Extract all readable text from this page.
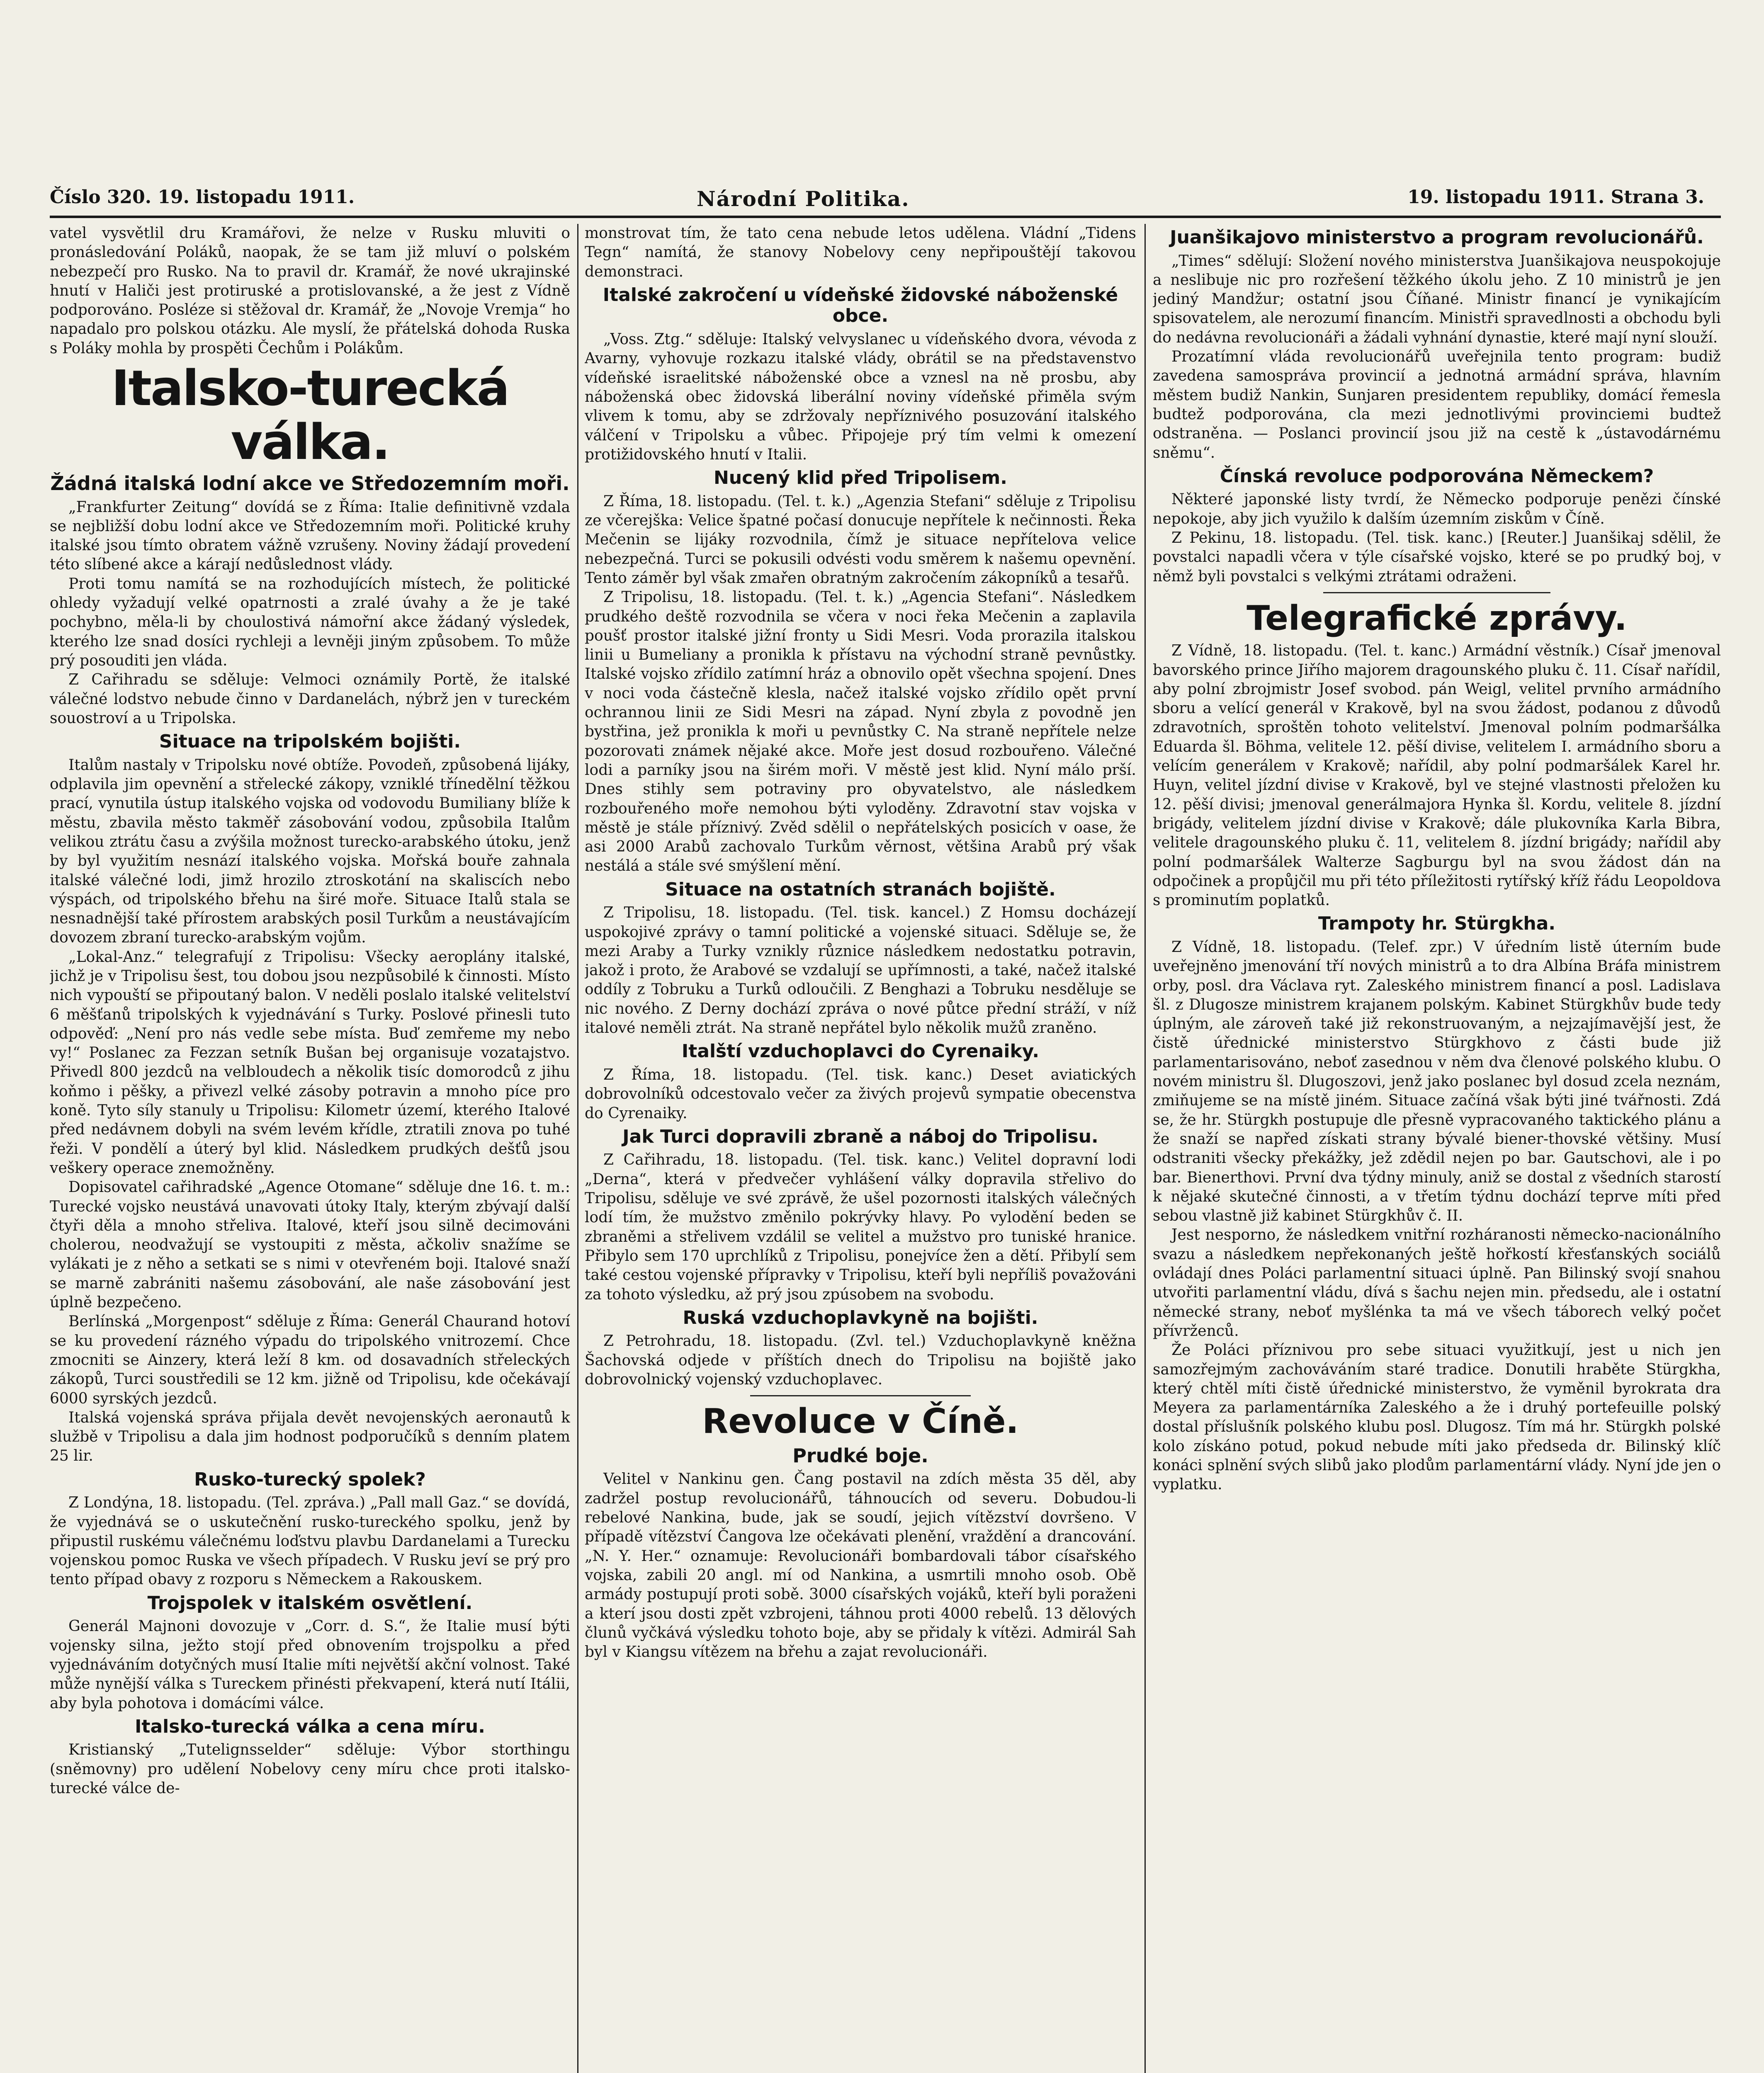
Číslo 320. 19. listopadu 1911.	Národní Politika.	19. listopadu 1911. Strana 3.

vatel vysvětlil dru Kramářovi, že nelze v Rusku mluviti o pronásledování Poláků, naopak, že se tam již mluví o polském nebezpečí pro Rusko. Na to pravil dr. Kramář, že nové ukrajinské hnutí v Haliči jest protiruské a protislovanské, a že jest z Vídně podporováno. Posléze si stěžoval dr. Kramář, že „Novoje Vremja“ ho napadalo pro polskou otázku. Ale myslí, že přátelská dohoda Ruska s Poláky mohla by prospěti Čechům i Polákům.

Italsko-turecká válka.
Žádná italská lodní akce ve Středozemním moři.

„Frankfurter Zeitung“ dovídá se z Říma: Italie definitivně vzdala se nejbližší dobu lodní akce ve Středozemním moři. Politické kruhy italské jsou tímto obratem vážně vzrušeny. Noviny žádají provedení této slíbené akce a kárají nedůslednost vlády.

Proti tomu namítá se na rozhodujících místech, že politické ohledy vyžadují velké opatrnosti a zralé úvahy a že je také pochybno, měla-li by choulostivá námořní akce žádaný výsledek, kterého lze snad dosíci rychleji a levněji jiným způsobem. To může prý posouditi jen vláda.

Z Cařihradu se sděluje: Velmoci oznámily Portě, že italské válečné lodstvo nebude činno v Dardanelách, nýbrž jen v tureckém souostroví a u Tripolska.

Situace na tripolském bojišti.

Italům nastaly v Tripolsku nové obtíže. Povodeň, způsobená lijáky, odplavila jim opevnění a střelecké zákopy, vzniklé třínedělní těžkou prací, vynutila ústup italského vojska od vodovodu Bumiliany blíže k městu, zbavila město takměř zásobování vodou, způsobila Italům velikou ztrátu času a zvýšila možnost turecko-arabského útoku, jenž by byl využitím nesnází italského vojska. Mořská bouře zahnala italské válečné lodi, jimž hrozilo ztroskotání na skaliscích nebo výspách, od tripolského břehu na širé moře. Situace Italů stala se nesnadnější také přírostem arabských posil Turkům a neustávajícím dovozem zbraní turecko-arabským vojům.

„Lokal-Anz.“ telegrafují z Tripolisu: Všecky aeroplány italské, jichž je v Tripolisu šest, tou dobou jsou nezpůsobilé k činnosti. Místo nich vypouští se připoutaný balon. V neděli poslalo italské velitelství 6 měšťanů tripolských k vyjednávání s Turky. Poslové přinesli tuto odpověď: „Není pro nás vedle sebe místa. Buď zemřeme my nebo vy!“ Poslanec za Fezzan setník Bušan bej organisuje vozatajstvo. Přivedl 800 jezdců na velbloudech a několik tisíc domorodců z jihu koňmo i pěšky, a přivezl velké zásoby potravin a mnoho píce pro koně. Tyto síly stanuly u Tripolisu: Kilometr území, kterého Italové před nedávnem dobyli na svém levém křídle, ztratili znova po tuhé řeži. V pondělí a úterý byl klid. Následkem prudkých dešťů jsou veškery operace znemožněny.

Dopisovatel cařihradské „Agence Otomane“ sděluje dne 16. t. m.: Turecké vojsko neustává unavovati útoky Italy, kterým zbývají další čtyři děla a mnoho střeliva. Italové, kteří jsou silně decimováni cholerou, neodvažují se vystoupiti z města, ačkoliv snažíme se vylákati je z něho a setkati se s nimi v otevřeném boji. Italové snaží se marně zabrániti našemu zásobování, ale naše zásobování jest úplně bezpečeno.

Berlínská „Morgenpost“ sděluje z Říma: Generál Chaurand hotoví se ku provedení rázného výpadu do tripolského vnitrozemí. Chce zmocniti se Ainzery, která leží 8 km. od dosavadních střeleckých zákopů, Turci soustředili se 12 km. jižně od Tripolisu, kde očekávají 6000 syrských jezdců.

Italská vojenská správa přijala devět nevojenských aeronautů k službě v Tripolisu a dala jim hodnost podporučíků s denním platem 25 lir.

Rusko-turecký spolek?

Z Londýna, 18. listopadu. (Tel. zpráva.) „Pall mall Gaz.“ se dovídá, že vyjednává se o uskutečnění rusko-tureckého spolku, jenž by připustil ruskému válečnému loďstvu plavbu Dardanelami a Turecku vojenskou pomoc Ruska ve všech případech. V Rusku jeví se prý pro tento případ obavy z rozporu s Německem a Rakouskem.

Trojspolek v italském osvětlení.

Generál Majnoni dovozuje v „Corr. d. S.“, že Italie musí býti vojensky silna, ježto stojí před obnovením trojspolku a před vyjednáváním dotyčných musí Italie míti největší akční volnost. Také může nynější válka s Tureckem přinésti překvapení, která nutí Itálii, aby byla pohotova i domácími válce.

Italsko-turecká válka a cena míru.

Kristianský „Tutelignsselder“ sděluje: Výbor storthingu (sněmovny) pro udělení Nobelovy ceny míru chce proti italsko-turecké válce de-

monstrovat tím, že tato cena nebude letos udělena. Vládní „Tidens Tegn“ namítá, že stanovy Nobelovy ceny nepřipouštějí takovou demonstraci.

Italské zakročení u vídeňské židovské náboženské obce.

„Voss. Ztg.“ sděluje: Italský velvyslanec u vídeňského dvora, vévoda z Avarny, vyhovuje rozkazu italské vlády, obrátil se na představenstvo vídeňské israelitské náboženské obce a vznesl na ně prosbu, aby náboženská obec židovská liberální noviny vídeňské přiměla svým vlivem k tomu, aby se zdržovaly nepříznivého posuzování italského válčení v Tripolsku a vůbec. Připojeje prý tím velmi k omezení protižidovského hnutí v Italii.

Nucený klid před Tripolisem.

Z Říma, 18. listopadu. (Tel. t. k.) „Agenzia Stefani“ sděluje z Tripolisu ze včerejška: Velice špatné počasí donucuje nepřítele k nečinnosti. Řeka Mečenin se lijáky rozvodnila, čímž je situace nepřítelova velice nebezpečná. Turci se pokusili odvésti vodu směrem k našemu opevnění. Tento záměr byl však zmařen obratným zakročením zákopníků a tesařů.

Z Tripolisu, 18. listopadu. (Tel. t. k.) „Agencia Stefani“. Následkem prudkého deště rozvodnila se včera v noci řeka Mečenin a zaplavila poušť prostor italské jižní fronty u Sidi Mesri. Voda prorazila italskou linii u Bumeliany a pronikla k přístavu na východní straně pevnůstky. Italské vojsko zřídilo zatímní hráz a obnovilo opět všechna spojení. Dnes v noci voda částečně klesla, načež italské vojsko zřídilo opět první ochrannou linii ze Sidi Mesri na západ. Nyní zbyla z povodně jen bystřina, jež pronikla k moři u pevnůstky C. Na straně nepřítele nelze pozorovati známek nějaké akce. Moře jest dosud rozbouřeno. Válečné lodi a parníky jsou na širém moři. V městě jest klid. Nyní málo prší. Dnes stihly sem potraviny pro obyvatelstvo, ale následkem rozbouřeného moře nemohou býti vyloděny. Zdravotní stav vojska v městě je stále příznivý. Zvěd sdělil o nepřátelských posicích v oase, že asi 2000 Arabů zachovalo Turkům věrnost, většina Arabů prý však nestálá a stále své smýšlení mění.

Situace na ostatních stranách bojiště.

Z Tripolisu, 18. listopadu. (Tel. tisk. kancel.) Z Homsu docházejí uspokojivé zprávy o tamní politické a vojenské situaci. Sděluje se, že mezi Araby a Turky vznikly různice následkem nedostatku potravin, jakož i proto, že Arabové se vzdalují se upřímnosti, a také, načež italské oddíly z Tobruku a Turků odloučili. Z Benghazi a Tobruku nesděluje se nic nového. Z Derny dochází zpráva o nové půtce přední stráží, v níž italové neměli ztrát. Na straně nepřátel bylo několik mužů zraněno.

Italští vzduchoplavci do Cyrenaiky.

Z Říma, 18. listopadu. (Tel. tisk. kanc.) Deset aviatických dobrovolníků odcestovalo večer za živých projevů sympatie obecenstva do Cyrenaiky.

Jak Turci dopravili zbraně a náboj do Tripolisu.

Z Cařihradu, 18. listopadu. (Tel. tisk. kanc.) Velitel dopravní lodi „Derna“, která v předvečer vyhlášení války dopravila střelivo do Tripolisu, sděluje ve své zprávě, že ušel pozornosti italských válečných lodí tím, že mužstvo změnilo pokrývky hlavy. Po vylodění beden se zbraněmi a střelivem vzdálil se velitel a mužstvo pro tuniské hranice. Přibylo sem 170 uprchlíků z Tripolisu, ponejvíce žen a dětí. Přibylí sem také cestou vojenské přípravky v Tripolisu, kteří byli nepříliš považováni za tohoto výsledku, až prý jsou zpúsobem na svobodu.

Ruská vzduchoplavkyně na bojišti.

Z Petrohradu, 18. listopadu. (Zvl. tel.) Vzduchoplavkyně kněžna Šachovská odjede v příštích dnech do Tripolisu na bojiště jako dobrovolnický vojenský vzduchoplavec.

Revoluce v Číně.
Prudké boje.

Velitel v Nankinu gen. Čang postavil na zdích města 35 děl, aby zadržel postup revolucionářů, táhnoucích od severu. Dobudou-li rebelové Nankina, bude, jak se soudí, jejich vítězství dovršeno. V případě vítězství Čangova lze očekávati plenění, vraždění a drancování. „N. Y. Her.“ oznamuje: Revolucionáři bombardovali tábor císařského vojska, zabili 20 angl. mí od Nankina, a usmrtili mnoho osob. Obě armády postupují proti sobě. 3000 císařských vojáků, kteří byli poraženi a kterí jsou dosti zpět vzbrojeni, táhnou proti 4000 rebelů. 13 dělových člunů vyčkává výsledku tohoto boje, aby se přidaly k vítězi. Admirál Sah byl v Kiangsu vítězem na břehu a zajat revolucionáři.

Juanšikajovo ministerstvo a program revolucionářů.

„Times“ sdělují: Složení nového ministerstva Juanšikajova neuspokojuje a neslibuje nic pro rozřešení těžkého úkolu jeho. Z 10 ministrů je jen jediný Mandžur; ostatní jsou Číňané. Ministr financí je vynikajícím spisovatelem, ale nerozumí financím. Ministři spravedlnosti a obchodu byli do nedávna revolucionáři a žádali vyhnání dynastie, které mají nyní slouží.

Prozatímní vláda revolucionářů uveřejnila tento program: budiž zavedena samospráva provincií a jednotná armádní správa, hlavním městem budiž Nankin, Sunjaren presidentem republiky, domácí řemesla budtež podporována, cla mezi jednotlivými provinciemi budtež odstraněna. — Poslanci provincií jsou již na cestě k „ústavodárnému sněmu“.

Čínská revoluce podporována Německem?

Některé japonské listy tvrdí, že Německo podporuje penězi čínské nepokoje, aby jich využilo k dalším územním ziskům v Číně.

Z Pekinu, 18. listopadu. (Tel. tisk. kanc.) [Reuter.] Juanšikaj sdělil, že povstalci napadli včera v týle císařské vojsko, které se po prudký boj, v němž byli povstalci s velkými ztrátami odraženi.

Telegrafické zprávy.

Z Vídně, 18. listopadu. (Tel. t. kanc.) Armádní věstník.) Císař jmenoval bavorského prince Jiřího majorem dragounského pluku č. 11. Císař nařídil, aby polní zbrojmistr Josef svobod. pán Weigl, velitel prvního armádního sboru a velící generál v Krakově, byl na svou žádost, podanou z důvodů zdravotních, sproštěn tohoto velitelství. Jmenoval polním podmaršálka Eduarda šl. Böhma, velitele 12. pěší divise, velitelem I. armádního sboru a velícím generálem v Krakově; nařídil, aby polní podmaršálek Karel hr. Huyn, velitel jízdní divise v Krakově, byl ve stejné vlastnosti přeložen ku 12. pěší divisi; jmenoval generálmajora Hynka šl. Kordu, velitele 8. jízdní brigády, velitelem jízdní divise v Krakově; dále plukovníka Karla Bibra, velitele dragounského pluku č. 11, velitelem 8. jízdní brigády; nařídil aby polní podmaršálek Walterze Sagburgu byl na svou žádost dán na odpočinek a propůjčil mu při této příležitosti rytířský kříž řádu Leopoldova s prominutím poplatků.

Trampoty hr. Stürgkha.

Z Vídně, 18. listopadu. (Telef. zpr.) V úředním listě úterním bude uveřejněno jmenování tří nových ministrů a to dra Albína Bráfa ministrem orby, posl. dra Václava ryt. Zaleského ministrem financí a posl. Ladislava šl. z Dlugosze ministrem krajanem polským. Kabinet Stürgkhův bude tedy úplným, ale zároveň také již rekonstruovaným, a nejzajímavější jest, že čistě úřednické ministerstvo Stürgkhovo z části bude již parlamentarisováno, neboť zasednou v něm dva členové polského klubu. O novém ministru šl. Dlugoszovi, jenž jako poslanec byl dosud zcela neznám, zmiňujeme se na místě jiném. Situace začíná však býti jiné tvářnosti. Zdá se, že hr. Stürgkh postupuje dle přesně vypracovaného taktického plánu a že snaží se napřed získati strany bývalé biener-thovské většiny. Musí odstraniti všecky překážky, jež zdědil nejen po bar. Gautschovi, ale i po bar. Bienerthovi. První dva týdny minuly, aniž se dostal z všedních starostí k nějaké skutečné činnosti, a v třetím týdnu dochází teprve míti před sebou vlastně již kabinet Stürgkhův č. II.

Jest nesporno, že následkem vnitřní rozháranosti německo-nacionálního svazu a následkem nepřekonaných ještě hořkostí křesťanských sociálů ovládají dnes Poláci parlamentní situaci úplně. Pan Bilinský svojí snahou utvořiti parlamentní vládu, dívá s šachu nejen min. předsedu, ale i ostatní německé strany, neboť myšlénka ta má ve všech táborech velký počet přívrženců.

Že Poláci příznivou pro sebe situaci využitkují, jest u nich jen samozřejmým zachováváním staré tradice. Donutili hraběte Stürgkha, který chtěl míti čistě úřednické ministerstvo, že vyměnil byrokrata dra Meyera za parlamentárníka Zaleského a že i druhý portefeuille polský dostal příslušník polského klubu posl. Dlugosz. Tím má hr. Stürgkh polské kolo získáno potud, pokud nebude míti jako předseda dr. Bilinský klíč konáci splnění svých slibů jako plodům parlamentární vlády. Nyní jde jen o vyplatku.
